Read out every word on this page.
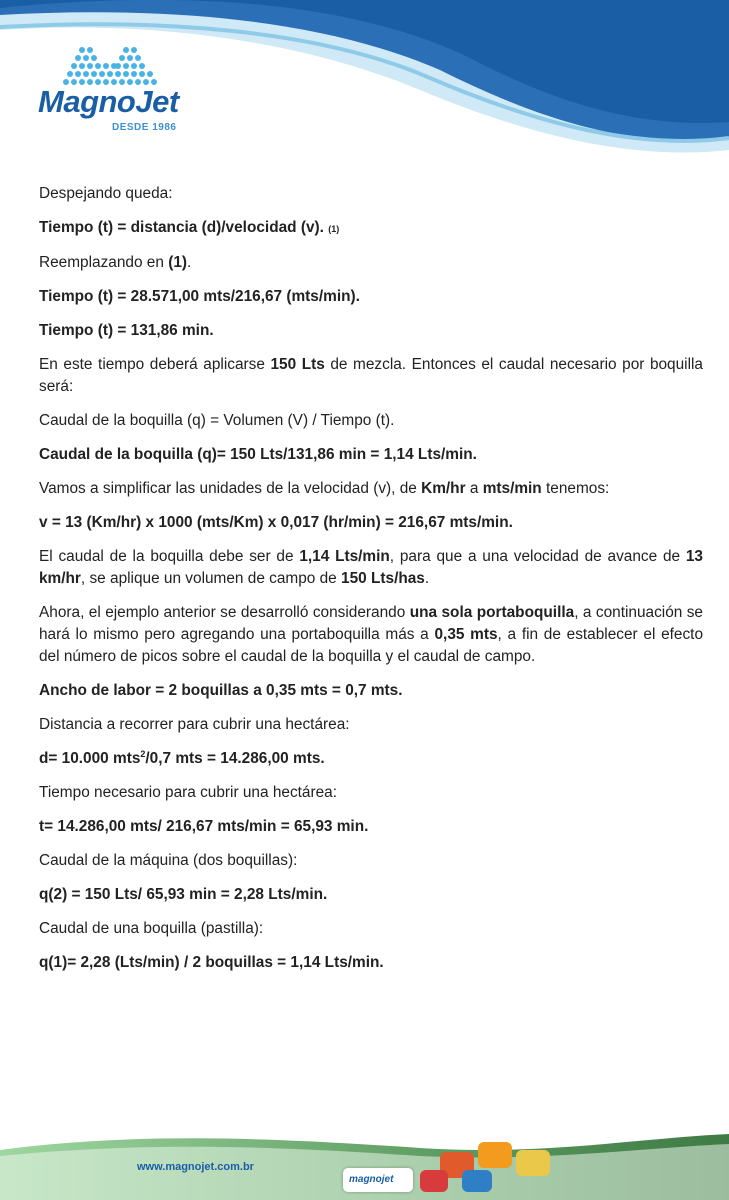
MagnoJet
DESDE 1986

Despejando queda:

Tiempo (t) = distancia (d)/velocidad (v). (1)

Reemplazando en (1).

Tiempo (t) = 28.571,00 mts/216,67 (mts/min).

Tiempo (t) = 131,86 min.

En este tiempo deberá aplicarse 150 Lts de mezcla. Entonces el caudal necesario por boquilla será:

Caudal de la boquilla (q) = Volumen (V) / Tiempo (t).

Caudal de la boquilla (q)= 150 Lts/131,86 min = 1,14 Lts/min.

Vamos a simplificar las unidades de la velocidad (v), de Km/hr a mts/min tenemos:

v = 13 (Km/hr) x 1000 (mts/Km) x 0,017 (hr/min) = 216,67 mts/min.

El caudal de la boquilla debe ser de 1,14 Lts/min, para que a una velocidad de avance de 13 km/hr, se aplique un volumen de campo de 150 Lts/has.

Ahora, el ejemplo anterior se desarrolló considerando una sola portaboquilla, a continuación se hará lo mismo pero agregando una portaboquilla más a 0,35 mts, a fin de establecer el efecto del número de picos sobre el caudal de la boquilla y el caudal de campo.

Ancho de labor = 2 boquillas a 0,35 mts = 0,7 mts.

Distancia a recorrer para cubrir una hectárea:

d= 10.000 mts$^2$/0,7 mts = 14.286,00 mts.

Tiempo necesario para cubrir una hectárea:

t= 14.286,00 mts/ 216,67 mts/min = 65,93 min.

Caudal de la máquina (dos boquillas):

q(2) = 150 Lts/ 65,93 min = 2,28 Lts/min.

Caudal de una boquilla (pastilla):

q(1)= 2,28 (Lts/min) / 2 boquillas = 1,14 Lts/min.

www.magnojet.com.br
magnojet
